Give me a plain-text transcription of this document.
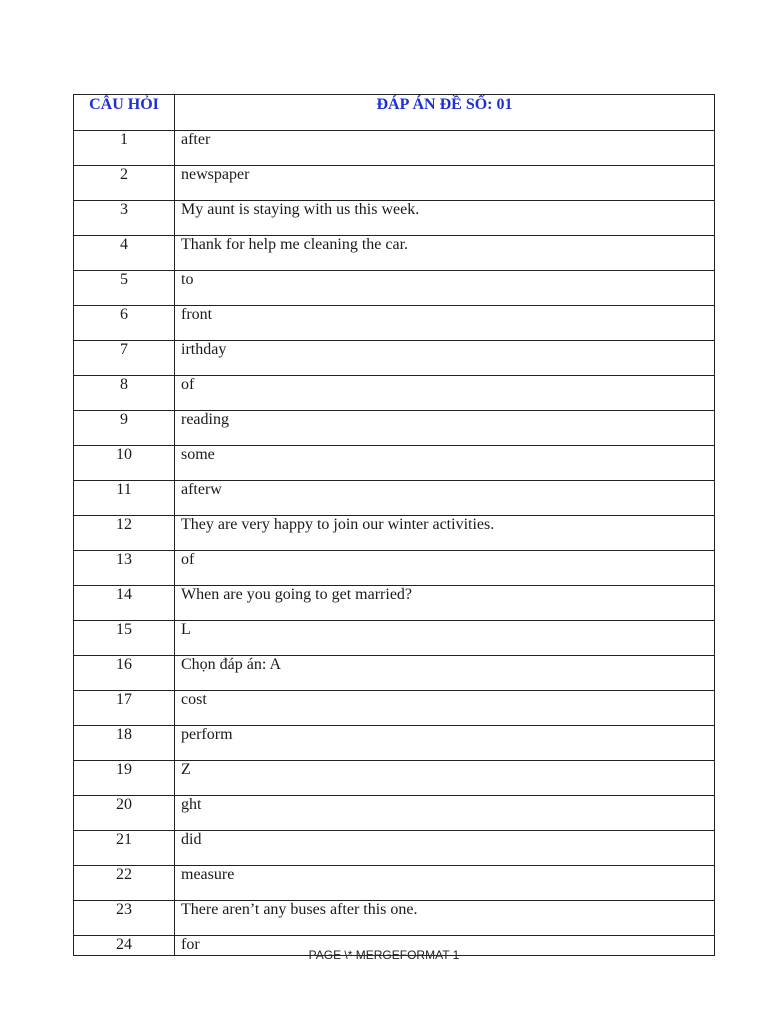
CÂU HỎI	ĐÁP ÁN ĐỀ SỐ: 01
1	after
2	newspaper
3	My aunt is staying with us this week.
4	Thank for help me cleaning the car.
5	to
6	front
7	irthday
8	of
9	reading
10	some
11	afterw
12	They are very happy to join our winter activities.
13	of
14	When are you going to get married?
15	L
16	Chọn đáp án: A
17	cost
18	perform
19	Z
20	ght
21	did
22	measure
23	There aren’t any buses after this one.
24	for
PAGE \* MERGEFORMAT 1
